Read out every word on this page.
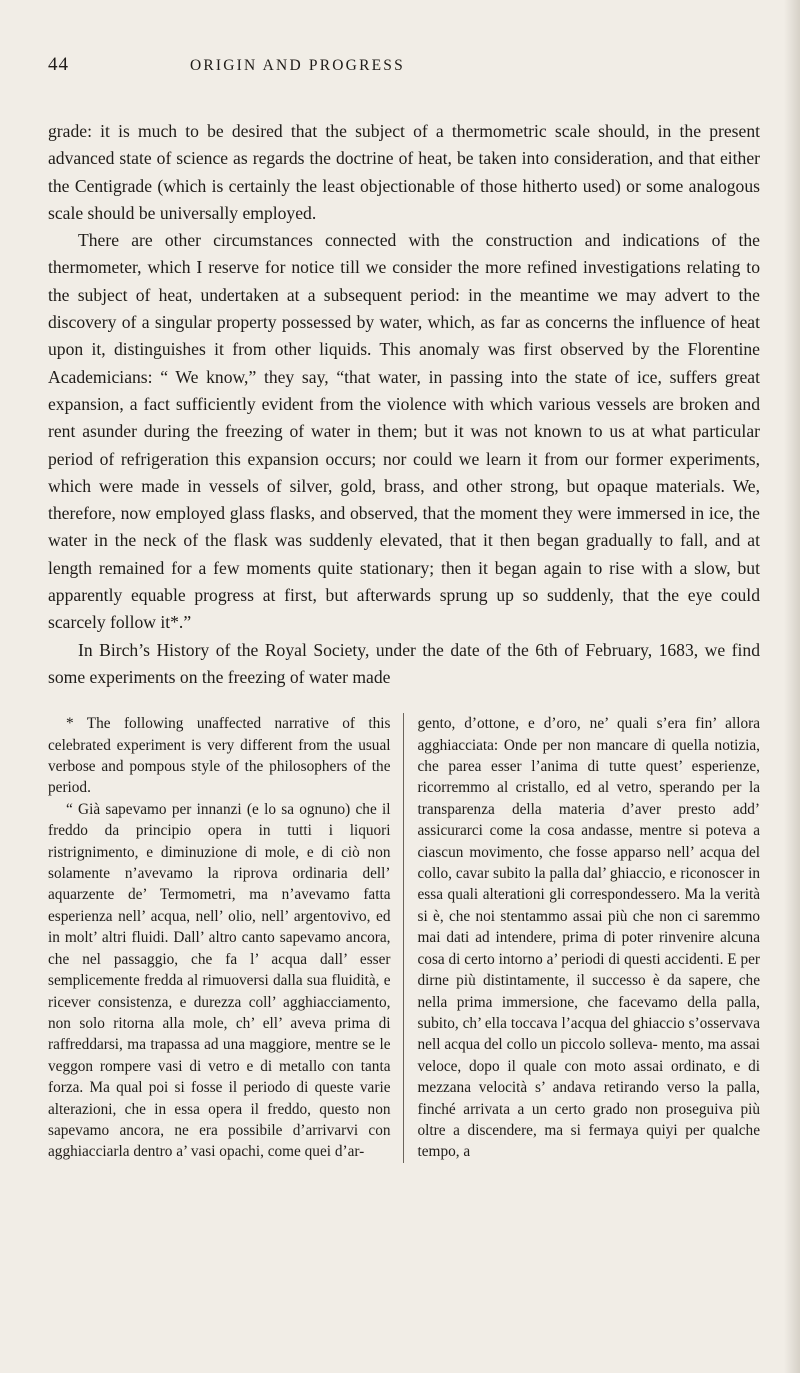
44	ORIGIN AND PROGRESS

grade: it is much to be desired that the subject of a thermometric scale should, in the present advanced state of science as regards the doctrine of heat, be taken into consideration, and that either the Centigrade (which is certainly the least objectionable of those hitherto used) or some analogous scale should be universally employed.

There are other circumstances connected with the construction and indications of the thermometer, which I reserve for notice till we consider the more refined investigations relating to the subject of heat, undertaken at a subsequent period: in the meantime we may advert to the discovery of a singular property possessed by water, which, as far as concerns the influence of heat upon it, distinguishes it from other liquids. This anomaly was first observed by the Florentine Academicians: “ We know,” they say, “that water, in passing into the state of ice, suffers great expansion, a fact sufficiently evident from the violence with which various vessels are broken and rent asunder during the freezing of water in them; but it was not known to us at what particular period of refrigeration this expansion occurs; nor could we learn it from our former experiments, which were made in vessels of silver, gold, brass, and other strong, but opaque materials. We, therefore, now employed glass flasks, and observed, that the moment they were immersed in ice, the water in the neck of the flask was suddenly elevated, that it then began gradually to fall, and at length remained for a few moments quite stationary; then it began again to rise with a slow, but apparently equable progress at first, but afterwards sprung up so suddenly, that the eye could scarcely follow it*.”

In Birch’s History of the Royal Society, under the date of the 6th of February, 1683, we find some experiments on the freezing of water made

* The following unaffected narrative of this celebrated experiment is very different from the usual verbose and pompous style of the philosophers of the period.

“ Già sapevamo per innanzi (e lo sa ognuno) che il freddo da principio opera in tutti i liquori ristrignimento, e diminuzione di mole, e di ciò non solamente n’avevamo la riprova ordinaria dell’ aquarzente de’ Termometri, ma n’avevamo fatta esperienza nell’ acqua, nell’ olio, nell’ argentovivo, ed in molt’ altri fluidi. Dall’ altro canto sapevamo ancora, che nel passaggio, che fa l’ acqua dall’ esser semplicemente fredda al rimuoversi dalla sua fluidità, e ricever consistenza, e durezza coll’ agghiacciamento, non solo ritorna alla mole, ch’ ell’ aveva prima di raffreddarsi, ma trapassa ad una maggiore, mentre se le veggon rompere vasi di vetro e di metallo con tanta forza. Ma qual poi si fosse il periodo di queste varie alterazioni, che in essa opera il freddo, questo non sapevamo ancora, ne era possibile d’arrivarvi con agghiacciarla dentro a’ vasi opachi, come quei d’ar-

gento, d’ottone, e d’oro, ne’ quali s’era fin’ allora agghiacciata: Onde per non mancare di quella notizia, che parea esser l’anima di tutte quest’ esperienze, ricorremmo al cristallo, ed al vetro, sperando per la transparenza della materia d’aver presto add’ assicurarci come la cosa andasse, mentre si poteva a ciascun movimento, che fosse apparso nell’ acqua del collo, cavar subito la palla dal’ ghiaccio, e riconoscer in essa quali alterationi gli correspondessero. Ma la verità si è, che noi stentammo assai più che non ci saremmo mai dati ad intendere, prima di poter rinvenire alcuna cosa di certo intorno a’ periodi di questi accidenti. E per dirne più distintamente, il successo è da sapere, che nella prima immersione, che facevamo della palla, subito, ch’ ella toccava l’acqua del ghiaccio s’osservava nell acqua del collo un piccolo solleva- mento, ma assai veloce, dopo il quale con moto assai ordinato, e di mezzana velocità s’ andava retirando verso la palla, finché arrivata a un certo grado non proseguiva più oltre a discendere, ma si fermaya quiyi per qualche tempo, a
